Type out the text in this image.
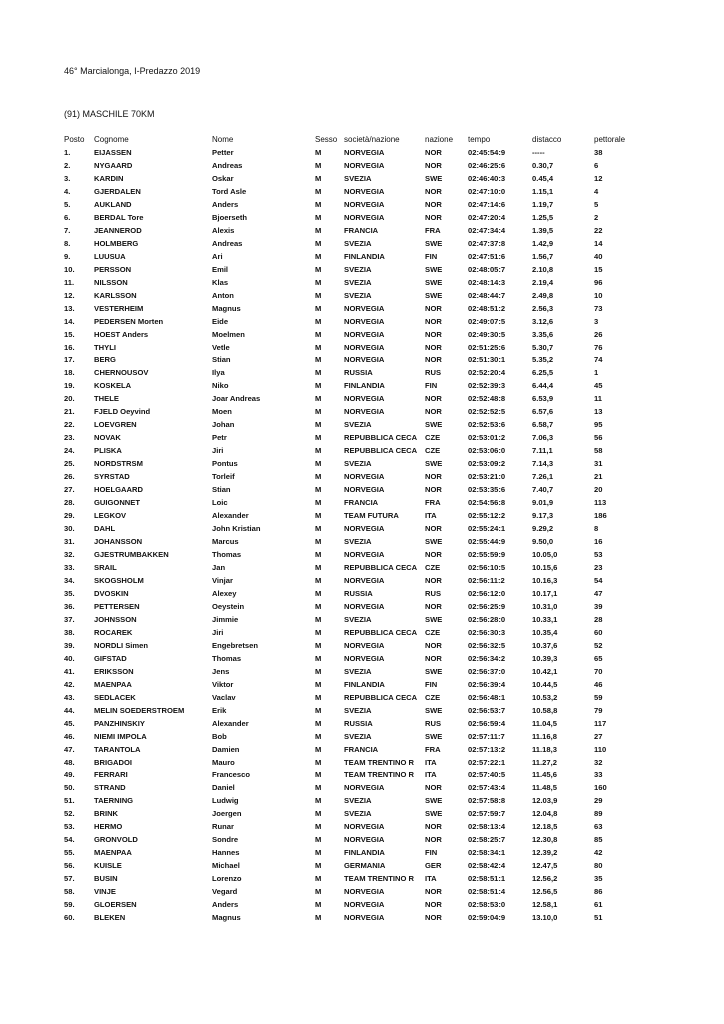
46° Marcialonga, I-Predazzo 2019
(91) MASCHILE 70KM
Posto	Cognome	Nome	Sesso	società/nazione	nazione	tempo	distacco	pettorale
1.	EIJASSEN	Petter	M	NORVEGIA	NOR	02:45:54:9	-----	38
2.	NYGAARD	Andreas	M	NORVEGIA	NOR	02:46:25:6	0.30,7	6
3.	KARDIN	Oskar	M	SVEZIA	SWE	02:46:40:3	0.45,4	12
4.	GJERDALEN	Tord Asle	M	NORVEGIA	NOR	02:47:10:0	1.15,1	4
5.	AUKLAND	Anders	M	NORVEGIA	NOR	02:47:14:6	1.19,7	5
6.	BERDAL Tore	Bjoerseth	M	NORVEGIA	NOR	02:47:20:4	1.25,5	2
7.	JEANNEROD	Alexis	M	FRANCIA	FRA	02:47:34:4	1.39,5	22
8.	HOLMBERG	Andreas	M	SVEZIA	SWE	02:47:37:8	1.42,9	14
9.	LUUSUA	Ari	M	FINLANDIA	FIN	02:47:51:6	1.56,7	40
10.	PERSSON	Emil	M	SVEZIA	SWE	02:48:05:7	2.10,8	15
11.	NILSSON	Klas	M	SVEZIA	SWE	02:48:14:3	2.19,4	96
12.	KARLSSON	Anton	M	SVEZIA	SWE	02:48:44:7	2.49,8	10
13.	VESTERHEIM	Magnus	M	NORVEGIA	NOR	02:48:51:2	2.56,3	73
14.	PEDERSEN Morten	Eide	M	NORVEGIA	NOR	02:49:07:5	3.12,6	3
15.	HOEST Anders	Moelmen	M	NORVEGIA	NOR	02:49:30:5	3.35,6	26
16.	THYLI	Vetle	M	NORVEGIA	NOR	02:51:25:6	5.30,7	76
17.	BERG	Stian	M	NORVEGIA	NOR	02:51:30:1	5.35,2	74
18.	CHERNOUSOV	Ilya	M	RUSSIA	RUS	02:52:20:4	6.25,5	1
19.	KOSKELA	Niko	M	FINLANDIA	FIN	02:52:39:3	6.44,4	45
20.	THELE	Joar Andreas	M	NORVEGIA	NOR	02:52:48:8	6.53,9	11
21.	FJELD Oeyvind	Moen	M	NORVEGIA	NOR	02:52:52:5	6.57,6	13
22.	LOEVGREN	Johan	M	SVEZIA	SWE	02:52:53:6	6.58,7	95
23.	NOVAK	Petr	M	REPUBBLICA CECA	CZE	02:53:01:2	7.06,3	56
24.	PLISKA	Jiri	M	REPUBBLICA CECA	CZE	02:53:06:0	7.11,1	58
25.	NORDSTRSM	Pontus	M	SVEZIA	SWE	02:53:09:2	7.14,3	31
26.	SYRSTAD	Torleif	M	NORVEGIA	NOR	02:53:21:0	7.26,1	21
27.	HOELGAARD	Stian	M	NORVEGIA	NOR	02:53:35:6	7.40,7	20
28.	GUIGONNET	Loic	M	FRANCIA	FRA	02:54:56:8	9.01,9	113
29.	LEGKOV	Alexander	M	TEAM FUTURA	ITA	02:55:12:2	9.17,3	186
30.	DAHL	John Kristian	M	NORVEGIA	NOR	02:55:24:1	9.29,2	8
31.	JOHANSSON	Marcus	M	SVEZIA	SWE	02:55:44:9	9.50,0	16
32.	GJESTRUMBAKKEN	Thomas	M	NORVEGIA	NOR	02:55:59:9	10.05,0	53
33.	SRAIL	Jan	M	REPUBBLICA CECA	CZE	02:56:10:5	10.15,6	23
34.	SKOGSHOLM	Vinjar	M	NORVEGIA	NOR	02:56:11:2	10.16,3	54
35.	DVOSKIN	Alexey	M	RUSSIA	RUS	02:56:12:0	10.17,1	47
36.	PETTERSEN	Oeystein	M	NORVEGIA	NOR	02:56:25:9	10.31,0	39
37.	JOHNSSON	Jimmie	M	SVEZIA	SWE	02:56:28:0	10.33,1	28
38.	ROCAREK	Jiri	M	REPUBBLICA CECA	CZE	02:56:30:3	10.35,4	60
39.	NORDLI Simen	Engebretsen	M	NORVEGIA	NOR	02:56:32:5	10.37,6	52
40.	GIFSTAD	Thomas	M	NORVEGIA	NOR	02:56:34:2	10.39,3	65
41.	ERIKSSON	Jens	M	SVEZIA	SWE	02:56:37:0	10.42,1	70
42.	MAENPAA	Viktor	M	FINLANDIA	FIN	02:56:39:4	10.44,5	46
43.	SEDLACEK	Vaclav	M	REPUBBLICA CECA	CZE	02:56:48:1	10.53,2	59
44.	MELIN SOEDERSTROEM	Erik	M	SVEZIA	SWE	02:56:53:7	10.58,8	79
45.	PANZHINSKIY	Alexander	M	RUSSIA	RUS	02:56:59:4	11.04,5	117
46.	NIEMI IMPOLA	Bob	M	SVEZIA	SWE	02:57:11:7	11.16,8	27
47.	TARANTOLA	Damien	M	FRANCIA	FRA	02:57:13:2	11.18,3	110
48.	BRIGADOI	Mauro	M	TEAM TRENTINO R	ITA	02:57:22:1	11.27,2	32
49.	FERRARI	Francesco	M	TEAM TRENTINO R	ITA	02:57:40:5	11.45,6	33
50.	STRAND	Daniel	M	NORVEGIA	NOR	02:57:43:4	11.48,5	160
51.	TAERNING	Ludwig	M	SVEZIA	SWE	02:57:58:8	12.03,9	29
52.	BRINK	Joergen	M	SVEZIA	SWE	02:57:59:7	12.04,8	89
53.	HERMO	Runar	M	NORVEGIA	NOR	02:58:13:4	12.18,5	63
54.	GRONVOLD	Sondre	M	NORVEGIA	NOR	02:58:25:7	12.30,8	85
55.	MAENPAA	Hannes	M	FINLANDIA	FIN	02:58:34:1	12.39,2	42
56.	KUISLE	Michael	M	GERMANIA	GER	02:58:42:4	12.47,5	80
57.	BUSIN	Lorenzo	M	TEAM TRENTINO R	ITA	02:58:51:1	12.56,2	35
58.	VINJE	Vegard	M	NORVEGIA	NOR	02:58:51:4	12.56,5	86
59.	GLOERSEN	Anders	M	NORVEGIA	NOR	02:58:53:0	12.58,1	61
60.	BLEKEN	Magnus	M	NORVEGIA	NOR	02:59:04:9	13.10,0	51
